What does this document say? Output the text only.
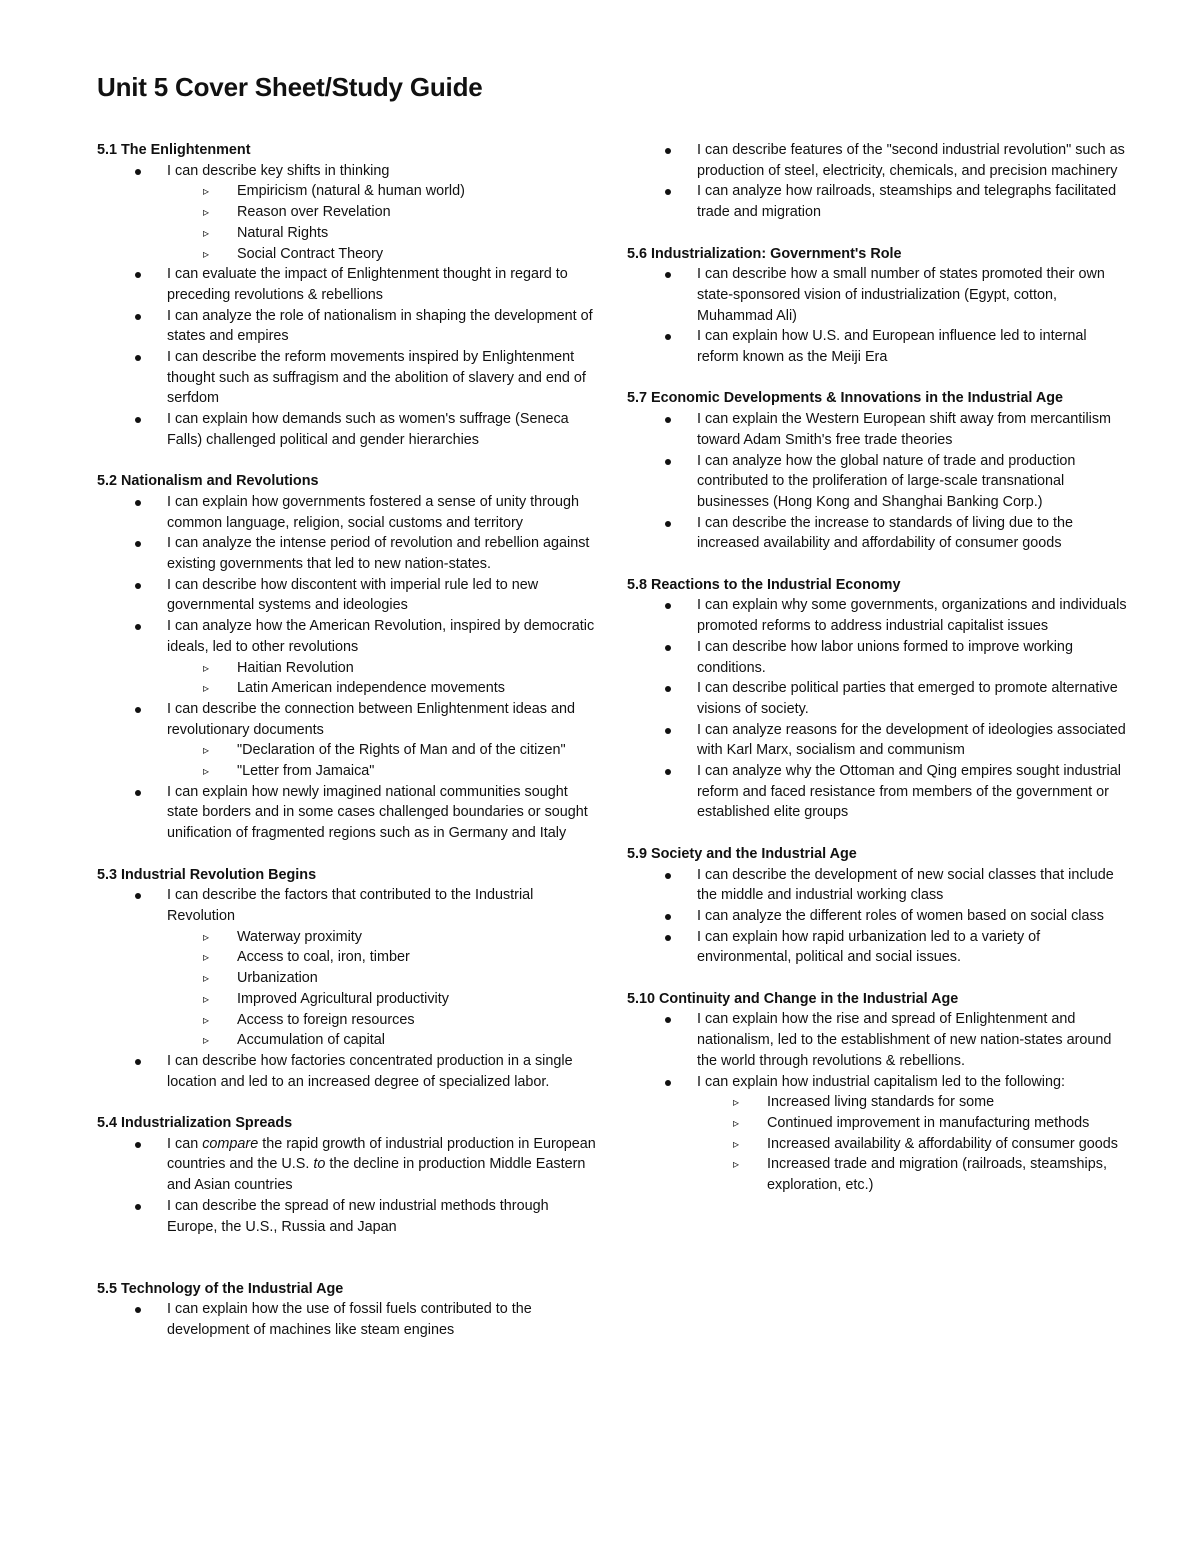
Unit 5 Cover Sheet/Study Guide

5.1 The Enlightenment

I can describe key shifts in thinking
▹ Empiricism (natural & human world)
▹ Reason over Revelation
▹ Natural Rights
▹ Social Contract Theory
I can evaluate the impact of Enlightenment thought in regard to preceding revolutions & rebellions
I can analyze the role of nationalism in shaping the development of states and empires
I can describe the reform movements inspired by Enlightenment thought such as suffragism and the abolition of slavery and end of serfdom
I can explain how demands such as women's suffrage (Seneca Falls) challenged political and gender hierarchies

5.2 Nationalism and Revolutions

I can explain how governments fostered a sense of unity through common language, religion, social customs and territory
I can analyze the intense period of revolution and rebellion against existing governments that led to new nation-states.
I can describe how discontent with imperial rule led to new governmental systems and ideologies
I can analyze how the American Revolution, inspired by democratic ideals, led to other revolutions
▹ Haitian Revolution
▹ Latin American independence movements
I can describe the connection between Enlightenment ideas and revolutionary documents
▹ "Declaration of the Rights of Man and of the citizen"
▹ "Letter from Jamaica"
I can explain how newly imagined national communities sought state borders and in some cases challenged boundaries or sought unification of fragmented regions such as in Germany and Italy

5.3 Industrial Revolution Begins

I can describe the factors that contributed to the Industrial Revolution
▹ Waterway proximity
▹ Access to coal, iron, timber
▹ Urbanization
▹ Improved Agricultural productivity
▹ Access to foreign resources
▹ Accumulation of capital
I can describe how factories concentrated production in a single location and led to an increased degree of specialized labor.

5.4 Industrialization Spreads

I can compare the rapid growth of industrial production in European countries and the U.S. to the decline in production Middle Eastern and Asian countries
I can describe the spread of new industrial methods through Europe, the U.S., Russia and Japan

5.5 Technology of the Industrial Age

I can explain how the use of fossil fuels contributed to the development of machines like steam engines
I can describe features of the "second industrial revolution" such as production of steel, electricity, chemicals, and precision machinery
I can analyze how railroads, steamships and telegraphs facilitated trade and migration

5.6 Industrialization: Government's Role

I can describe how a small number of states promoted their own state-sponsored vision of industrialization (Egypt, cotton, Muhammad Ali)
I can explain how U.S. and European influence led to internal reform known as the Meiji Era

5.7 Economic Developments & Innovations in the Industrial Age

I can explain the Western European shift away from mercantilism toward Adam Smith's free trade theories
I can analyze how the global nature of trade and production contributed to the proliferation of large-scale transnational businesses (Hong Kong and Shanghai Banking Corp.)
I can describe the increase to standards of living due to the increased availability and affordability of consumer goods

5.8 Reactions to the Industrial Economy

I can explain why some governments, organizations and individuals promoted reforms to address industrial capitalist issues
I can describe how labor unions formed to improve working conditions.
I can describe political parties that emerged to promote alternative visions of society.
I can analyze reasons for the development of ideologies associated with Karl Marx, socialism and communism
I can analyze why the Ottoman and Qing empires sought industrial reform and faced resistance from members of the government or established elite groups

5.9 Society and the Industrial Age

I can describe the development of new social classes that include the middle and industrial working class
I can analyze the different roles of women based on social class
I can explain how rapid urbanization led to a variety of environmental, political and social issues.

5.10 Continuity and Change in the Industrial Age

I can explain how the rise and spread of Enlightenment and nationalism, led to the establishment of new nation-states around the world through revolutions & rebellions.
I can explain how industrial capitalism led to the following:
▹ Increased living standards for some
▹ Continued improvement in manufacturing methods
▹ Increased availability & affordability of consumer goods
▹ Increased trade and migration (railroads, steamships, exploration, etc.)
